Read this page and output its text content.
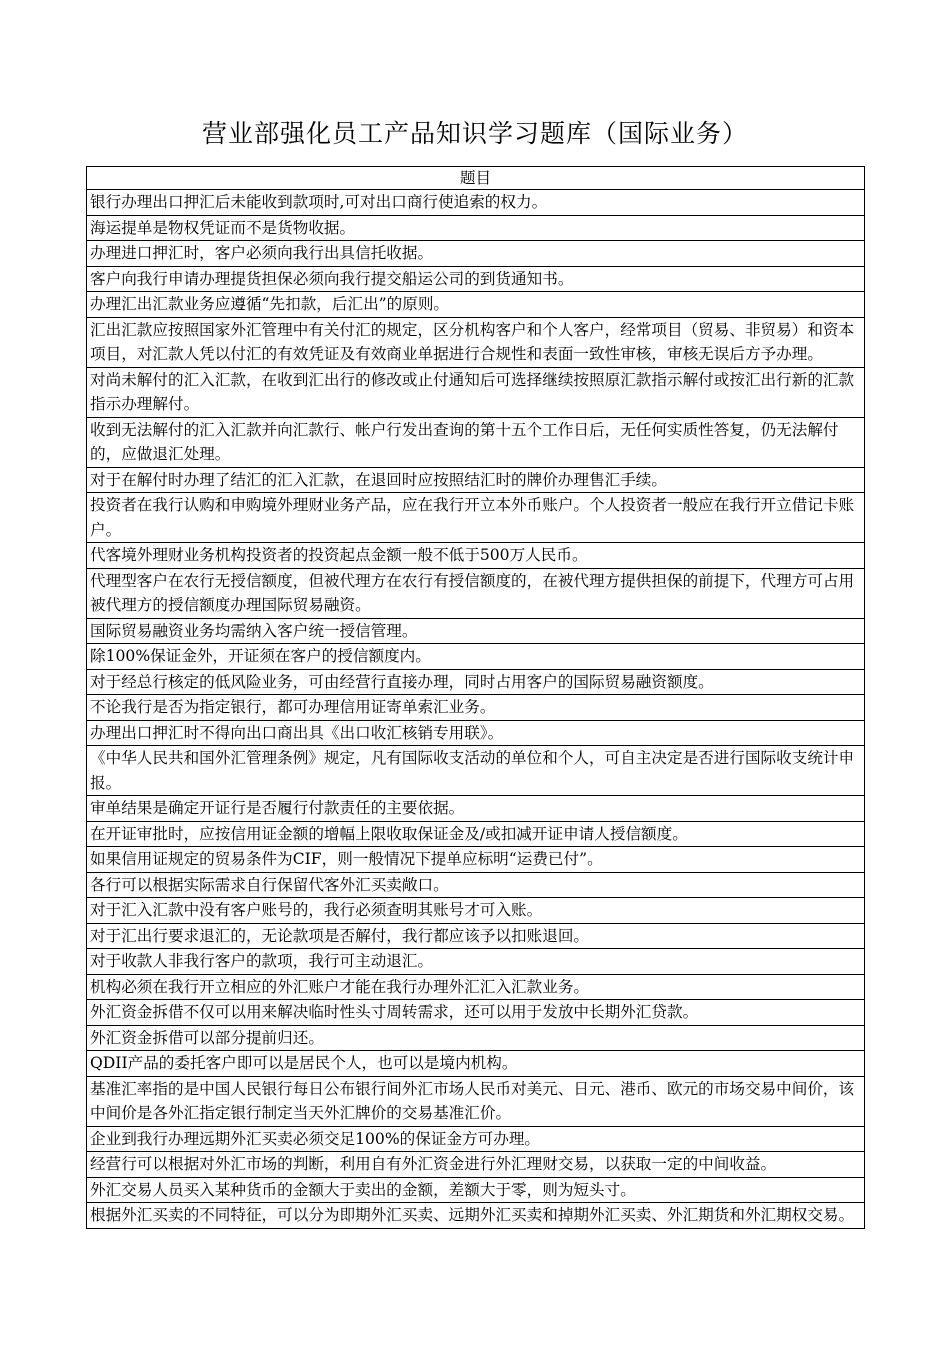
营业部强化员工产品知识学习题库（国际业务）
题目
银行办理出口押汇后未能收到款项时,可对出口商行使追索的权力。
海运提单是物权凭证而不是货物收据。
办理进口押汇时，客户必须向我行出具信托收据。
客户向我行申请办理提货担保必须向我行提交船运公司的到货通知书。
办理汇出汇款业务应遵循“先扣款，后汇出”的原则。
汇出汇款应按照国家外汇管理中有关付汇的规定，区分机构客户和个人客户，经常项目（贸易、非贸易）和资本项目，对汇款人凭以付汇的有效凭证及有效商业单据进行合规性和表面一致性审核，审核无误后方予办理。
对尚未解付的汇入汇款，在收到汇出行的修改或止付通知后可选择继续按照原汇款指示解付或按汇出行新的汇款指示办理解付。
收到无法解付的汇入汇款并向汇款行、帐户行发出查询的第十五个工作日后，无任何实质性答复，仍无法解付的，应做退汇处理。
对于在解付时办理了结汇的汇入汇款，在退回时应按照结汇时的牌价办理售汇手续。
投资者在我行认购和申购境外理财业务产品，应在我行开立本外币账户。个人投资者一般应在我行开立借记卡账户。
代客境外理财业务机构投资者的投资起点金额一般不低于500万人民币。
代理型客户在农行无授信额度，但被代理方在农行有授信额度的，在被代理方提供担保的前提下，代理方可占用被代理方的授信额度办理国际贸易融资。
国际贸易融资业务均需纳入客户统一授信管理。
除100%保证金外，开证须在客户的授信额度内。
对于经总行核定的低风险业务，可由经营行直接办理，同时占用客户的国际贸易融资额度。
不论我行是否为指定银行，都可办理信用证寄单索汇业务。
办理出口押汇时不得向出口商出具《出口收汇核销专用联》。
《中华人民共和国外汇管理条例》规定，凡有国际收支活动的单位和个人，可自主决定是否进行国际收支统计申报。
审单结果是确定开证行是否履行付款责任的主要依据。
在开证审批时，应按信用证金额的增幅上限收取保证金及/或扣减开证申请人授信额度。
如果信用证规定的贸易条件为CIF，则一般情况下提单应标明“运费已付”。
各行可以根据实际需求自行保留代客外汇买卖敞口。
对于汇入汇款中没有客户账号的，我行必须查明其账号才可入账。
对于汇出行要求退汇的，无论款项是否解付，我行都应该予以扣账退回。
对于收款人非我行客户的款项，我行可主动退汇。
机构必须在我行开立相应的外汇账户才能在我行办理外汇汇入汇款业务。
外汇资金拆借不仅可以用来解决临时性头寸周转需求，还可以用于发放中长期外汇贷款。
外汇资金拆借可以部分提前归还。
QDII产品的委托客户即可以是居民个人，也可以是境内机构。
基准汇率指的是中国人民银行每日公布银行间外汇市场人民币对美元、日元、港币、欧元的市场交易中间价，该中间价是各外汇指定银行制定当天外汇牌价的交易基准汇价。
企业到我行办理远期外汇买卖必须交足100%的保证金方可办理。
经营行可以根据对外汇市场的判断，利用自有外汇资金进行外汇理财交易，以获取一定的中间收益。
外汇交易人员买入某种货币的金额大于卖出的金额，差额大于零，则为短头寸。
根据外汇买卖的不同特征，可以分为即期外汇买卖、远期外汇买卖和掉期外汇买卖、外汇期货和外汇期权交易。
